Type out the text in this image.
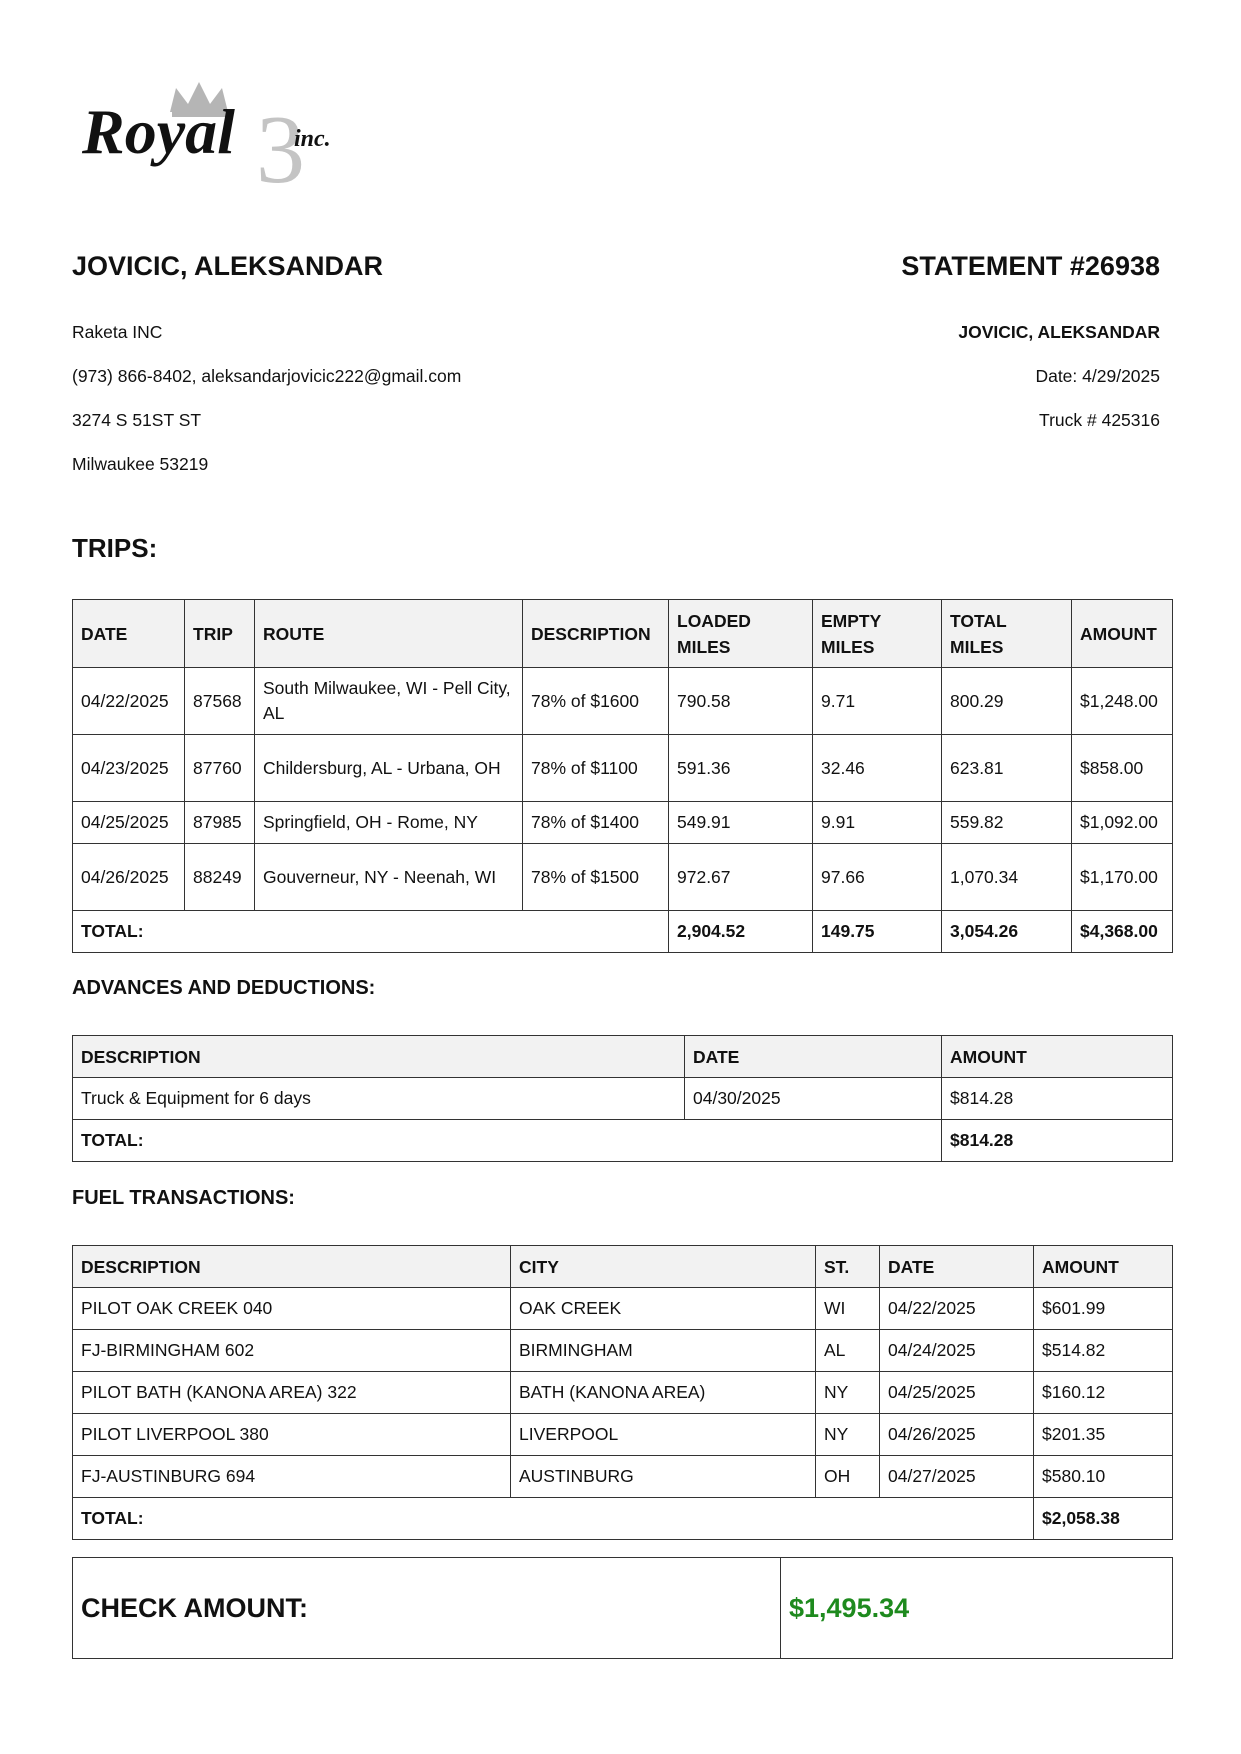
3
Royal inc.
JOVICIC, ALEKSANDAR	STATEMENT #26938
Raketa INC
(973) 866-8402, aleksandarjovicic222@gmail.com
3274 S 51ST ST
Milwaukee 53219
JOVICIC, ALEKSANDAR
Date: 4/29/2025
Truck # 425316
TRIPS:
DATE	TRIP	ROUTE	DESCRIPTION	LOADED MILES	EMPTY MILES	TOTAL MILES	AMOUNT
04/22/2025	87568	South Milwaukee, WI - Pell City, AL	78% of $1600	790.58	9.71	800.29	$1,248.00
04/23/2025	87760	Childersburg, AL - Urbana, OH	78% of $1100	591.36	32.46	623.81	$858.00
04/25/2025	87985	Springfield, OH - Rome, NY	78% of $1400	549.91	9.91	559.82	$1,092.00
04/26/2025	88249	Gouverneur, NY - Neenah, WI	78% of $1500	972.67	97.66	1,070.34	$1,170.00
TOTAL:				2,904.52	149.75	3,054.26	$4,368.00
ADVANCES AND DEDUCTIONS:
DESCRIPTION	DATE	AMOUNT
Truck & Equipment for 6 days	04/30/2025	$814.28
TOTAL:		$814.28
FUEL TRANSACTIONS:
DESCRIPTION	CITY	ST.	DATE	AMOUNT
PILOT OAK CREEK 040	OAK CREEK	WI	04/22/2025	$601.99
FJ-BIRMINGHAM 602	BIRMINGHAM	AL	04/24/2025	$514.82
PILOT BATH (KANONA AREA) 322	BATH (KANONA AREA)	NY	04/25/2025	$160.12
PILOT LIVERPOOL 380	LIVERPOOL	NY	04/26/2025	$201.35
FJ-AUSTINBURG 694	AUSTINBURG	OH	04/27/2025	$580.10
TOTAL:				$2,058.38
CHECK AMOUNT:	$1,495.34
